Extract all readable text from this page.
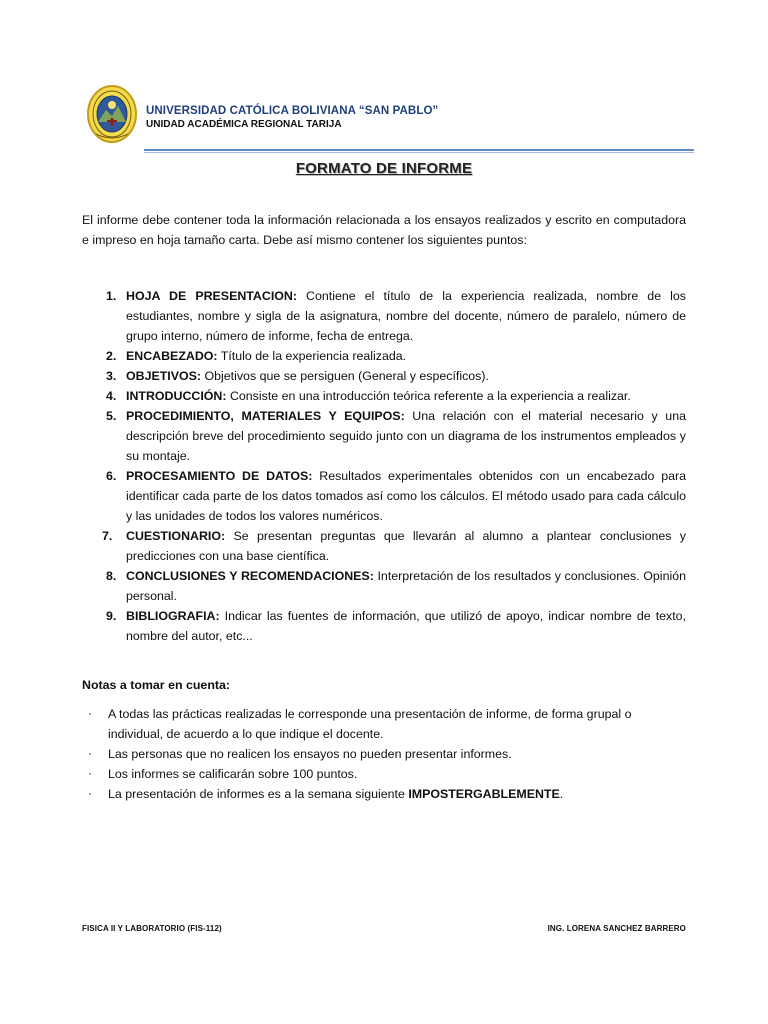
UNIVERSIDAD CATÓLICA BOLIVIANA “SAN PABLO”
UNIDAD ACADÉMICA REGIONAL TARIJA
FORMATO DE INFORME
El informe debe contener toda la información relacionada a los ensayos realizados y escrito en computadora e impreso en hoja tamaño carta. Debe así mismo contener los siguientes puntos:
1. HOJA DE PRESENTACION: Contiene el título de la experiencia realizada, nombre de los estudiantes, nombre y sigla de la asignatura, nombre del docente, número de paralelo, número de grupo interno, número de informe, fecha de entrega.
2. ENCABEZADO: Título de la experiencia realizada.
3. OBJETIVOS: Objetivos que se persiguen (General y específicos).
4. INTRODUCCIÓN: Consiste en una introducción teórica referente a la experiencia a realizar.
5. PROCEDIMIENTO, MATERIALES Y EQUIPOS: Una relación con el material necesario y una descripción breve del procedimiento seguido junto con un diagrama de los instrumentos empleados y su montaje.
6. PROCESAMIENTO DE DATOS: Resultados experimentales obtenidos con un encabezado para identificar cada parte de los datos tomados así como los cálculos. El método usado para cada cálculo y las unidades de todos los valores numéricos.
7. CUESTIONARIO: Se presentan preguntas que llevarán al alumno a plantear conclusiones y predicciones con una base científica.
8. CONCLUSIONES Y RECOMENDACIONES: Interpretación de los resultados y conclusiones. Opinión personal.
9. BIBLIOGRAFIA: Indicar las fuentes de información, que utilizó de apoyo, indicar nombre de texto, nombre del autor, etc...
Notas a tomar en cuenta:
· A todas las prácticas realizadas le corresponde una presentación de informe, de forma grupal o individual, de acuerdo a lo que indique el docente.
· Las personas que no realicen los ensayos no pueden presentar informes.
· Los informes se calificarán sobre 100 puntos.
· La presentación de informes es a la semana siguiente IMPOSTERGABLEMENTE.
FISICA II Y LABORATORIO (FIS-112)	ING. LORENA SANCHEZ BARRERO
